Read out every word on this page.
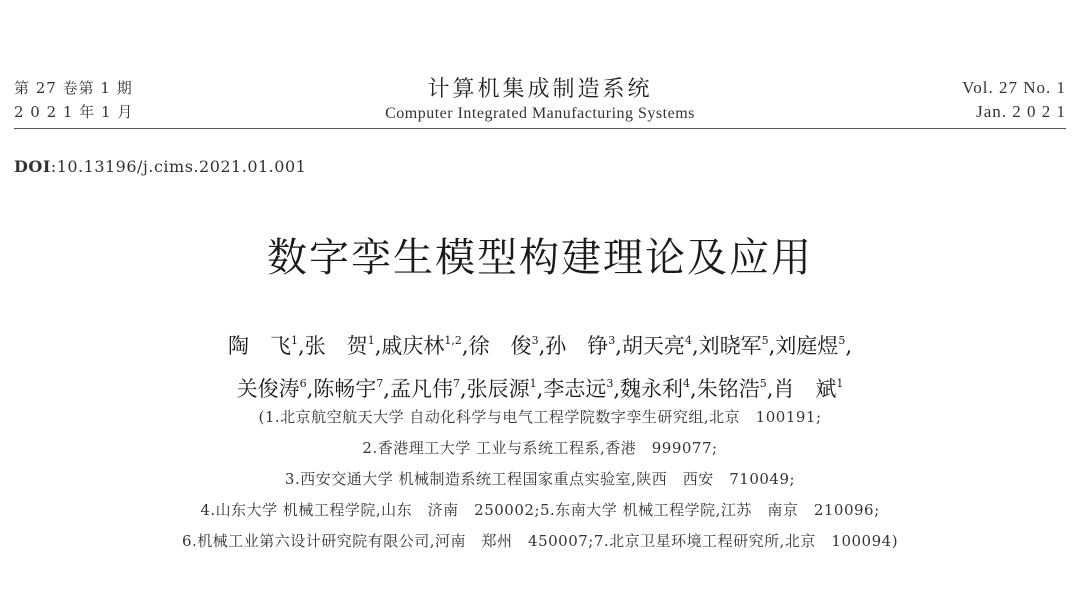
第 27 卷第 1 期
2 0 2 1 年 1 月
计算机集成制造系统
Computer Integrated Manufacturing Systems
Vol. 27 No. 1
Jan. 2 0 2 1
DOI:10.13196/j.cims.2021.01.001
数字孪生模型构建理论及应用
陶　飞$^1$,张　贺$^1$,戚庆林$^{1,2}$,徐　俊$^3$,孙　铮$^3$,胡天亮$^4$,刘晓军$^5$,刘庭煜$^5$,
关俊涛$^6$,陈畅宇$^7$,孟凡伟$^7$,张辰源$^1$,李志远$^3$,魏永利$^4$,朱铭浩$^5$,肖　斌$^1$
(1.北京航空航天大学 自动化科学与电气工程学院数字孪生研究组,北京　100191;
2.香港理工大学 工业与系统工程系,香港　999077;
3.西安交通大学 机械制造系统工程国家重点实验室,陕西　西安　710049;
4.山东大学 机械工程学院,山东　济南　250002;5.东南大学 机械工程学院,江苏　南京　210096;
6.机械工业第六设计研究院有限公司,河南　郑州　450007;7.北京卫星环境工程研究所,北京　100094)
